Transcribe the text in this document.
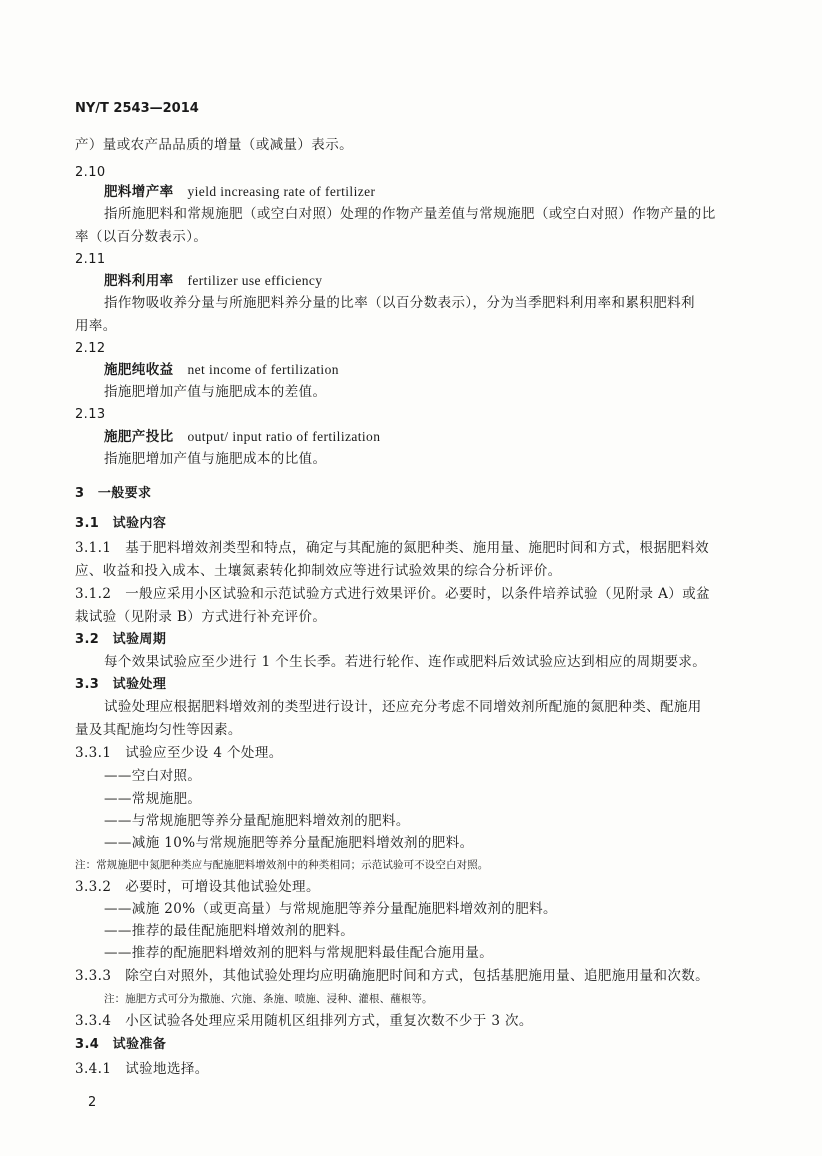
NY/T 2543—2014
产）量或农产品品质的增量（或减量）表示。
2.10
肥料增产率 yield increasing rate of fertilizer
指所施肥料和常规施肥（或空白对照）处理的作物产量差值与常规施肥（或空白对照）作物产量的比
率（以百分数表示）。
2.11
肥料利用率 fertilizer use efficiency
指作物吸收养分量与所施肥料养分量的比率（以百分数表示），分为当季肥料利用率和累积肥料利
用率。
2.12
施肥纯收益 net income of fertilization
指施肥增加产值与施肥成本的差值。
2.13
施肥产投比 output/ input ratio of fertilization
指施肥增加产值与施肥成本的比值。
3　一般要求
3.1　试验内容
3.1.1　基于肥料增效剂类型和特点，确定与其配施的氮肥种类、施用量、施肥时间和方式，根据肥料效
应、收益和投入成本、土壤氮素转化抑制效应等进行试验效果的综合分析评价。
3.1.2　一般应采用小区试验和示范试验方式进行效果评价。必要时，以条件培养试验（见附录 A）或盆
栽试验（见附录 B）方式进行补充评价。
3.2　试验周期
每个效果试验应至少进行 1 个生长季。若进行轮作、连作或肥料后效试验应达到相应的周期要求。
3.3　试验处理
试验处理应根据肥料增效剂的类型进行设计，还应充分考虑不同增效剂所配施的氮肥种类、配施用
量及其配施均匀性等因素。
3.3.1　试验应至少设 4 个处理。
——空白对照。
——常规施肥。
——与常规施肥等养分量配施肥料增效剂的肥料。
——减施 10%与常规施肥等养分量配施肥料增效剂的肥料。
注：常规施肥中氮肥种类应与配施肥料增效剂中的种类相同；示范试验可不设空白对照。
3.3.2　必要时，可增设其他试验处理。
——减施 20%（或更高量）与常规施肥等养分量配施肥料增效剂的肥料。
——推荐的最佳配施肥料增效剂的肥料。
——推荐的配施肥料增效剂的肥料与常规肥料最佳配合施用量。
3.3.3　除空白对照外，其他试验处理均应明确施肥时间和方式，包括基肥施用量、追肥施用量和次数。
注：施肥方式可分为撒施、穴施、条施、喷施、浸种、灌根、蘸根等。
3.3.4　小区试验各处理应采用随机区组排列方式，重复次数不少于 3 次。
3.4　试验准备
3.4.1　试验地选择。
2
